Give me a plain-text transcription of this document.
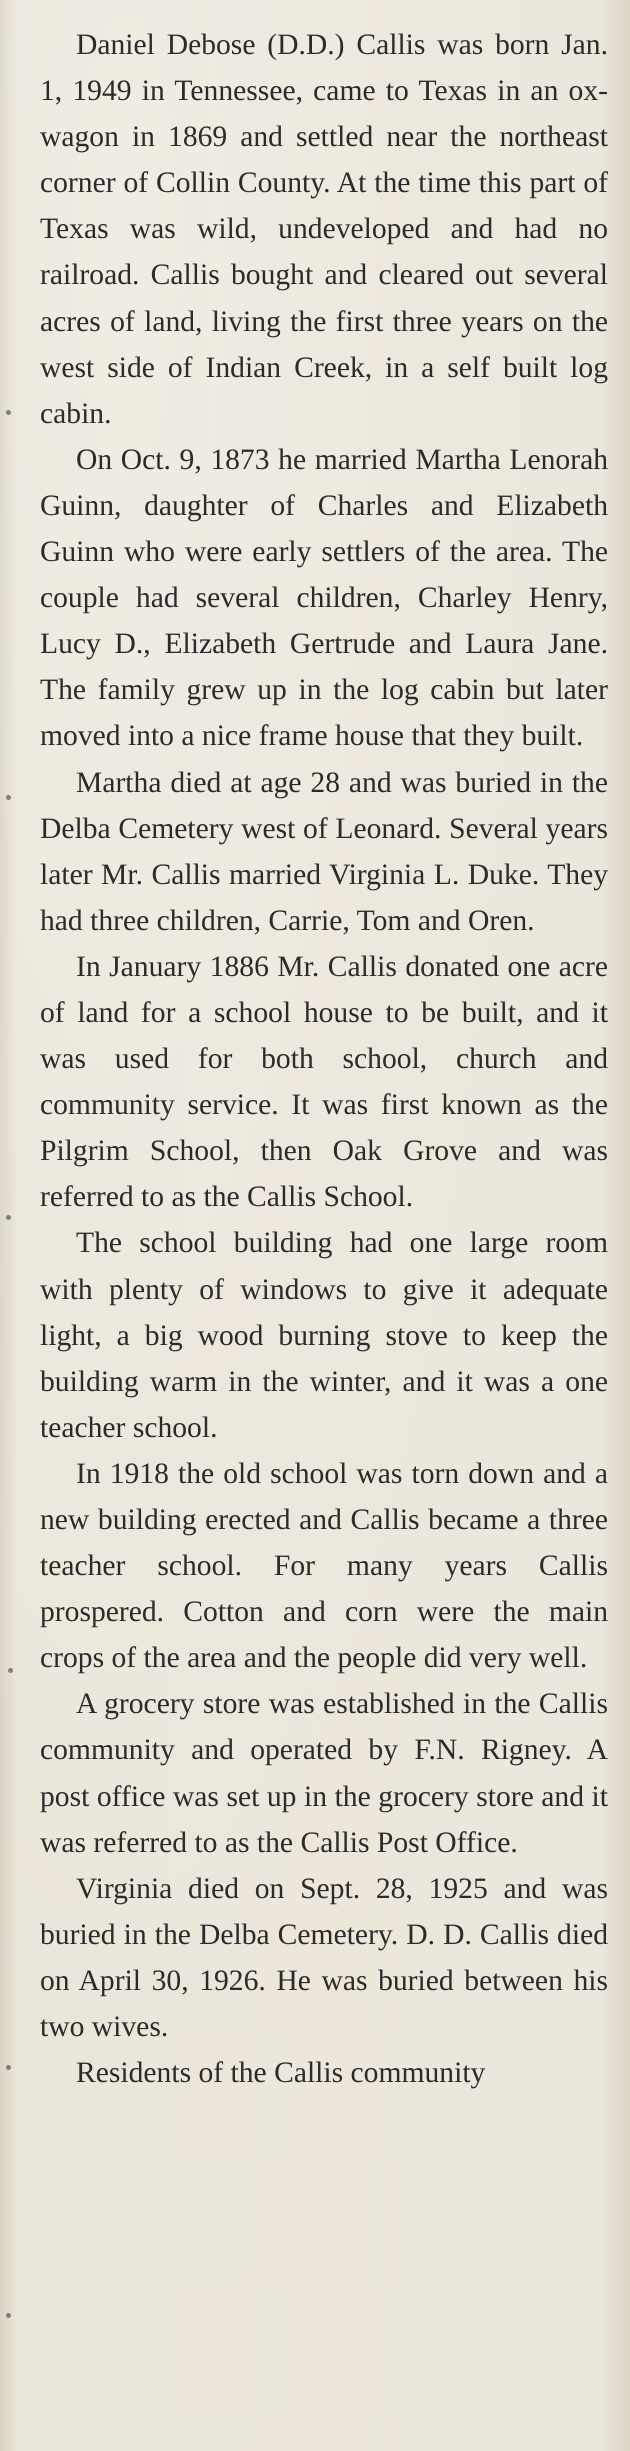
Daniel Debose (D.D.) Callis was born Jan. 1, 1949 in Tennessee, came to Texas in an ox-wagon in 1869 and settled near the northeast corner of Collin County. At the time this part of Texas was wild, undeveloped and had no railroad. Callis bought and cleared out several acres of land, living the first three years on the west side of Indian Creek, in a self built log cabin.

On Oct. 9, 1873 he married Martha Lenorah Guinn, daughter of Charles and Elizabeth Guinn who were early settlers of the area. The couple had several children, Charley Henry, Lucy D., Elizabeth Gertrude and Laura Jane. The family grew up in the log cabin but later moved into a nice frame house that they built.

Martha died at age 28 and was buried in the Delba Cemetery west of Leonard. Several years later Mr. Callis married Virginia L. Duke. They had three children, Carrie, Tom and Oren.

In January 1886 Mr. Callis donated one acre of land for a school house to be built, and it was used for both school, church and community service. It was first known as the Pilgrim School, then Oak Grove and was referred to as the Callis School.

The school building had one large room with plenty of windows to give it adequate light, a big wood burning stove to keep the building warm in the winter, and it was a one teacher school.

In 1918 the old school was torn down and a new building erected and Callis became a three teacher school. For many years Callis prospered. Cotton and corn were the main crops of the area and the people did very well.

A grocery store was established in the Callis community and operated by F.N. Rigney. A post office was set up in the grocery store and it was referred to as the Callis Post Office.

Virginia died on Sept. 28, 1925 and was buried in the Delba Cemetery. D. D. Callis died on April 30, 1926. He was buried between his two wives.

Residents of the Callis community
